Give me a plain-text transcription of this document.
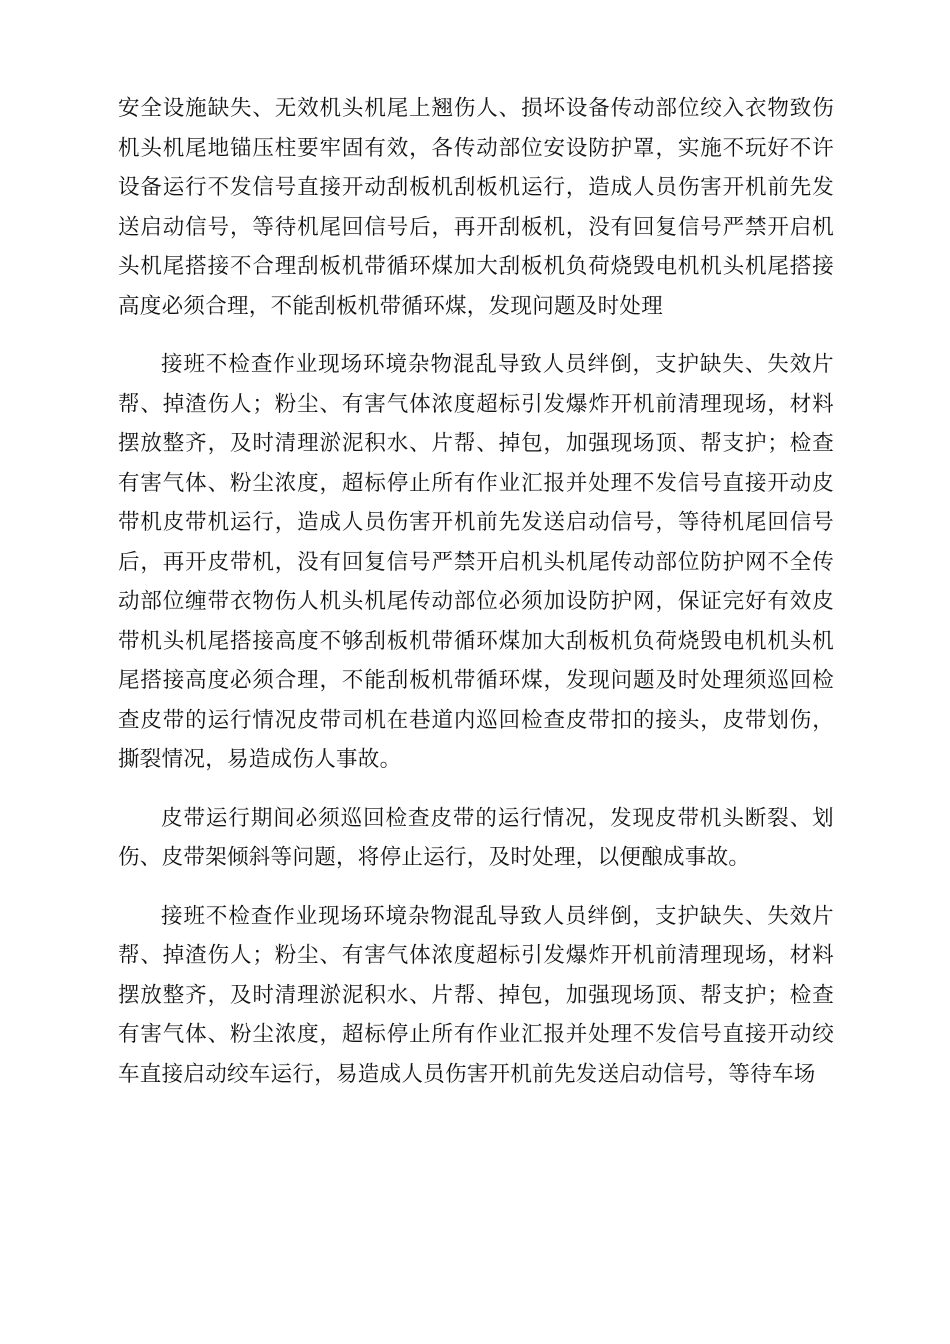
安全设施缺失、无效机头机尾上翘伤人、损坏设备传动部位绞入衣物致伤机头机尾地锚压柱要牢固有效，各传动部位安设防护罩，实施不玩好不许设备运行不发信号直接开动刮板机刮板机运行，造成人员伤害开机前先发送启动信号，等待机尾回信号后，再开刮板机，没有回复信号严禁开启机头机尾搭接不合理刮板机带循环煤加大刮板机负荷烧毁电机机头机尾搭接高度必须合理，不能刮板机带循环煤，发现问题及时处理

接班不检查作业现场环境杂物混乱导致人员绊倒，支护缺失、失效片帮、掉渣伤人；粉尘、有害气体浓度超标引发爆炸开机前清理现场，材料摆放整齐，及时清理淤泥积水、片帮、掉包，加强现场顶、帮支护；检查有害气体、粉尘浓度，超标停止所有作业汇报并处理不发信号直接开动皮带机皮带机运行，造成人员伤害开机前先发送启动信号，等待机尾回信号后，再开皮带机，没有回复信号严禁开启机头机尾传动部位防护网不全传动部位缠带衣物伤人机头机尾传动部位必须加设防护网，保证完好有效皮带机头机尾搭接高度不够刮板机带循环煤加大刮板机负荷烧毁电机机头机尾搭接高度必须合理，不能刮板机带循环煤，发现问题及时处理须巡回检查皮带的运行情况皮带司机在巷道内巡回检查皮带扣的接头，皮带划伤，撕裂情况，易造成伤人事故。

皮带运行期间必须巡回检查皮带的运行情况，发现皮带机头断裂、划伤、皮带架倾斜等问题，将停止运行，及时处理，以便酿成事故。

接班不检查作业现场环境杂物混乱导致人员绊倒，支护缺失、失效片帮、掉渣伤人；粉尘、有害气体浓度超标引发爆炸开机前清理现场，材料摆放整齐，及时清理淤泥积水、片帮、掉包，加强现场顶、帮支护；检查有害气体、粉尘浓度，超标停止所有作业汇报并处理不发信号直接开动绞车直接启动绞车运行，易造成人员伤害开机前先发送启动信号，等待车场
